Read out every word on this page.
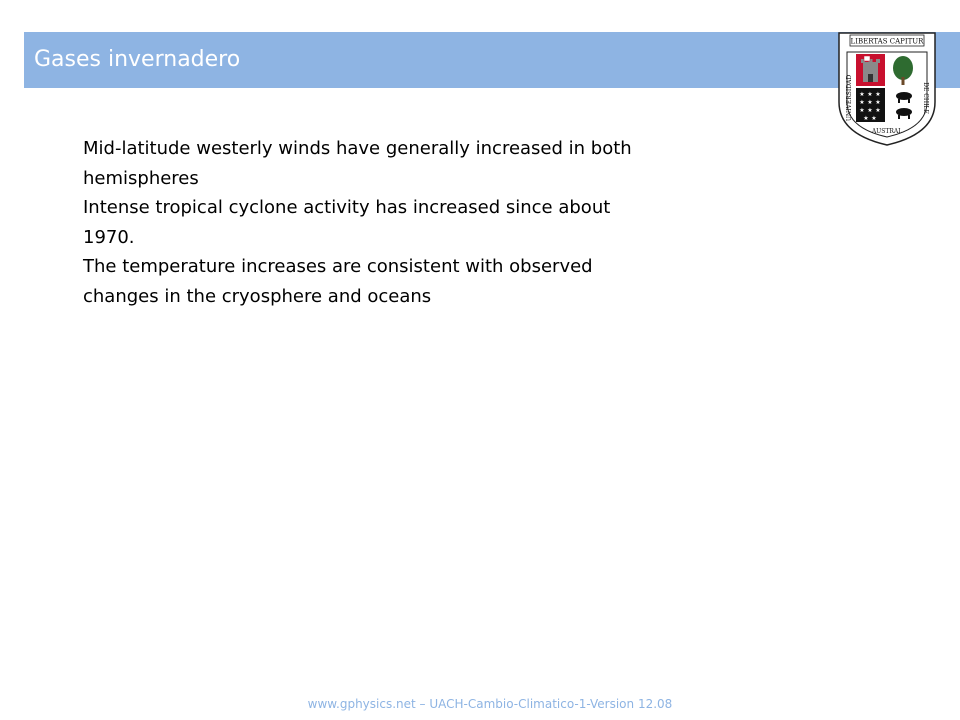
Gases invernadero
LIBERTAS CAPITUR
★ ★ ★
★ ★ ★
★ ★ ★
★ ★
UNIVERSIDAD
AUSTRAL
DE CHILE

Mid-latitude westerly winds have generally increased in both hemispheres

Intense tropical cyclone activity has increased since about 1970.

The temperature increases are consistent with observed changes in the cryosphere and oceans

www.gphysics.net – UACH-Cambio-Climatico-1-Version 12.08
